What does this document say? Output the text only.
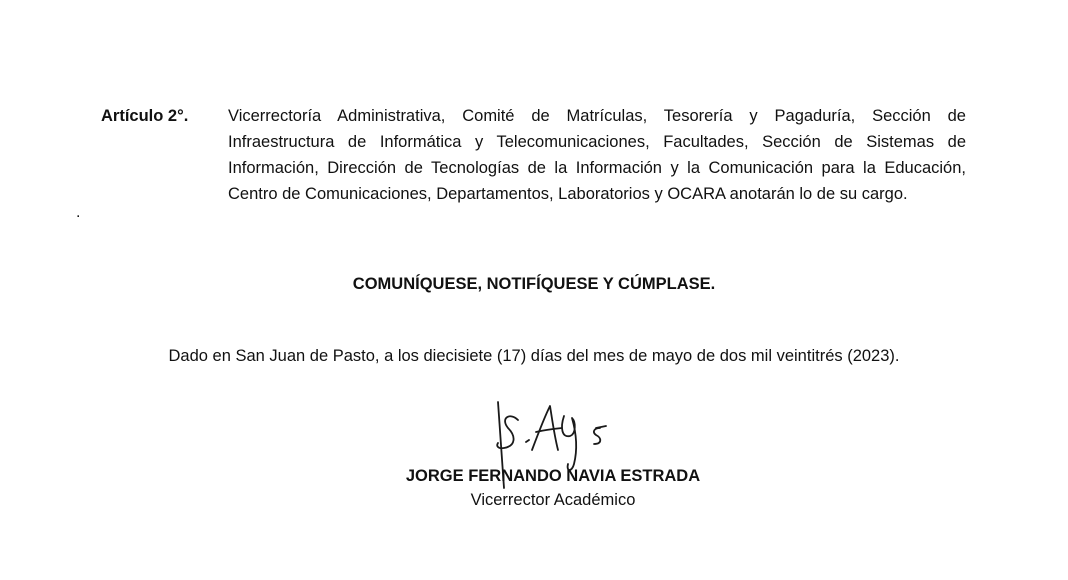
Artículo 2°. Vicerrectoría Administrativa, Comité de Matrículas, Tesorería y Pagaduría, Sección de Infraestructura de Informática y Telecomunicaciones, Facultades, Sección de Sistemas de Información, Dirección de Tecnologías de la Información y la Comunicación para la Educación, Centro de Comunicaciones, Departamentos, Laboratorios y OCARA anotarán lo de su cargo.
.
COMUNÍQUESE, NOTIFÍQUESE Y CÚMPLASE.
Dado en San Juan de Pasto, a los diecisiete (17) días del mes de mayo de dos mil veintitrés (2023).
JORGE FERNANDO NAVIA ESTRADA
Vicerrector Académico
